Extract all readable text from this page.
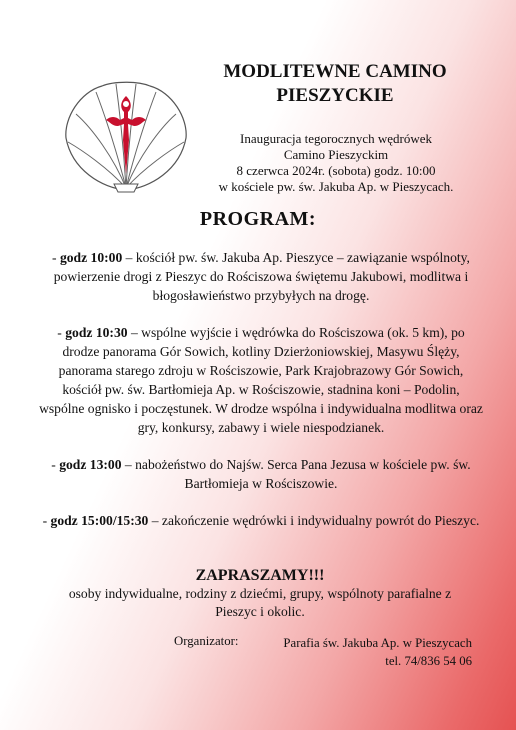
MODLITEWNE CAMINO
PIESZYCKIE
Inauguracja tegorocznych wędrówek
Camino Pieszyckim
8 czerwca 2024r. (sobota) godz. 10:00
w kościele pw. św. Jakuba Ap. w Pieszycach.
PROGRAM:
- godz 10:00 – kościół pw. św. Jakuba Ap. Pieszyce – zawiązanie wspólnoty, powierzenie drogi z Pieszyc do Rościszowa świętemu Jakubowi, modlitwa i błogosławieństwo przybyłych na drogę.
- godz 10:30 – wspólne wyjście i wędrówka do Rościszowa (ok. 5 km), po drodze panorama Gór Sowich, kotliny Dzierżoniowskiej, Masywu Ślęży, panorama starego zdroju w Rościszowie, Park Krajobrazowy Gór Sowich, kościół pw. św. Bartłomieja Ap. w Rościszowie, stadnina koni – Podolin, wspólne ognisko i poczęstunek. W drodze wspólna i indywidualna modlitwa oraz gry, konkursy, zabawy i wiele niespodzianek.
- godz 13:00 – nabożeństwo do Najśw. Serca Pana Jezusa w kościele pw. św. Bartłomieja w Rościszowie.
- godz 15:00/15:30 – zakończenie wędrówki i indywidualny powrót do Pieszyc.
ZAPRASZAMY!!!
osoby indywidualne, rodziny z dziećmi, grupy, wspólnoty parafialne z Pieszyc i okolic.
Organizator:	Parafia św. Jakuba Ap. w Pieszycach
tel. 74/836 54 06
